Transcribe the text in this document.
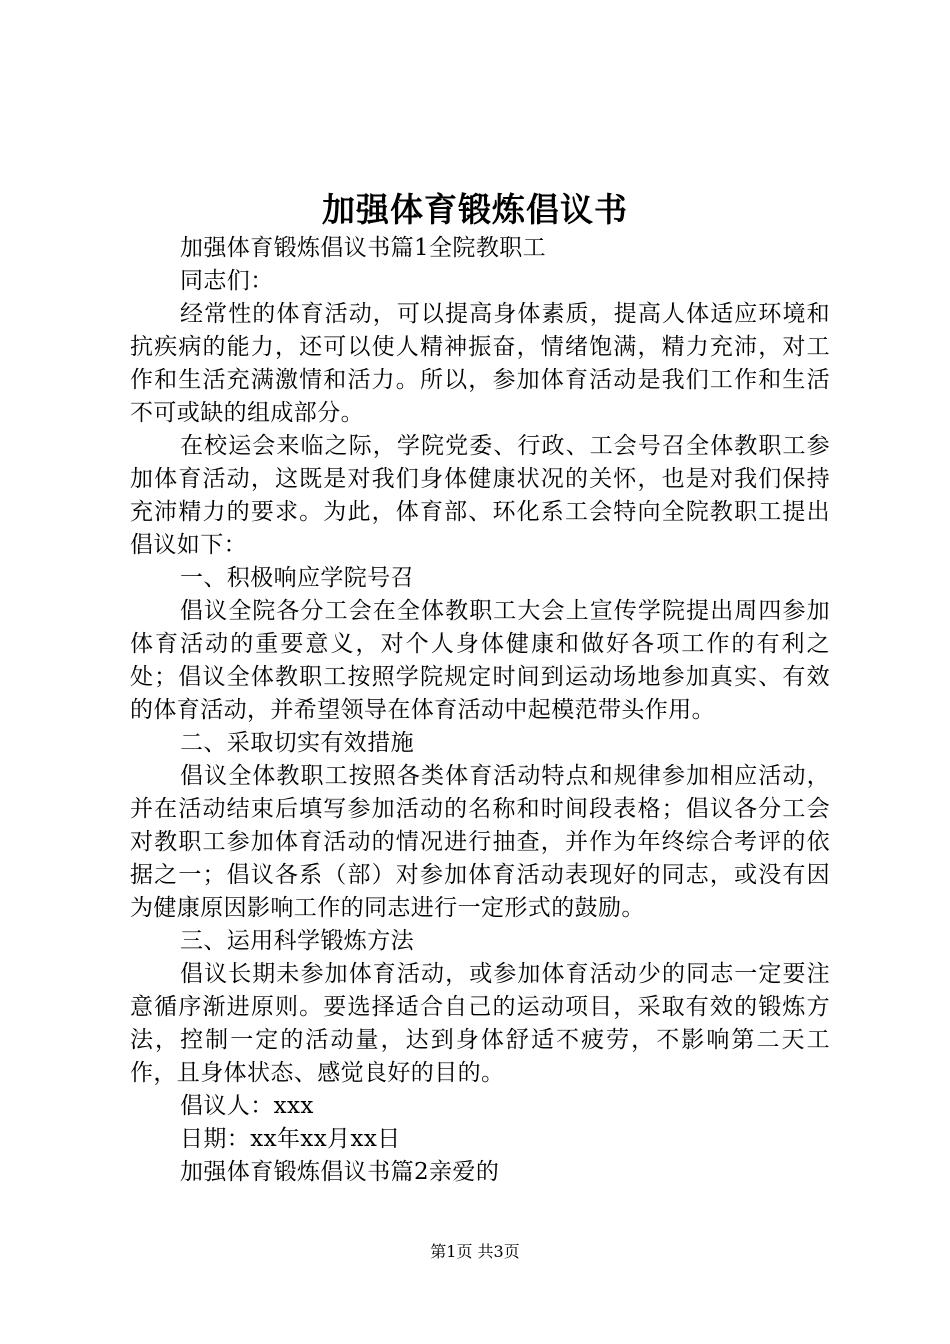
加强体育锻炼倡议书

加强体育锻炼倡议书篇1全院教职工

同志们：

经常性的体育活动，可以提高身体素质，提高人体适应环境和抗疾病的能力，还可以使人精神振奋，情绪饱满，精力充沛，对工作和生活充满激情和活力。所以，参加体育活动是我们工作和生活不可或缺的组成部分。

在校运会来临之际，学院党委、行政、工会号召全体教职工参加体育活动，这既是对我们身体健康状况的关怀，也是对我们保持充沛精力的要求。为此，体育部、环化系工会特向全院教职工提出倡议如下：

一、积极响应学院号召

倡议全院各分工会在全体教职工大会上宣传学院提出周四参加体育活动的重要意义，对个人身体健康和做好各项工作的有利之处；倡议全体教职工按照学院规定时间到运动场地参加真实、有效的体育活动，并希望领导在体育活动中起模范带头作用。

二、采取切实有效措施

倡议全体教职工按照各类体育活动特点和规律参加相应活动，并在活动结束后填写参加活动的名称和时间段表格；倡议各分工会对教职工参加体育活动的情况进行抽查，并作为年终综合考评的依据之一；倡议各系（部）对参加体育活动表现好的同志，或没有因为健康原因影响工作的同志进行一定形式的鼓励。

三、运用科学锻炼方法

倡议长期未参加体育活动，或参加体育活动少的同志一定要注意循序渐进原则。要选择适合自己的运动项目，采取有效的锻炼方法，控制一定的活动量，达到身体舒适不疲劳，不影响第二天工作，且身体状态、感觉良好的目的。

倡议人：xxx

日期：xx年xx月xx日

加强体育锻炼倡议书篇2亲爱的

第1页 共3页
